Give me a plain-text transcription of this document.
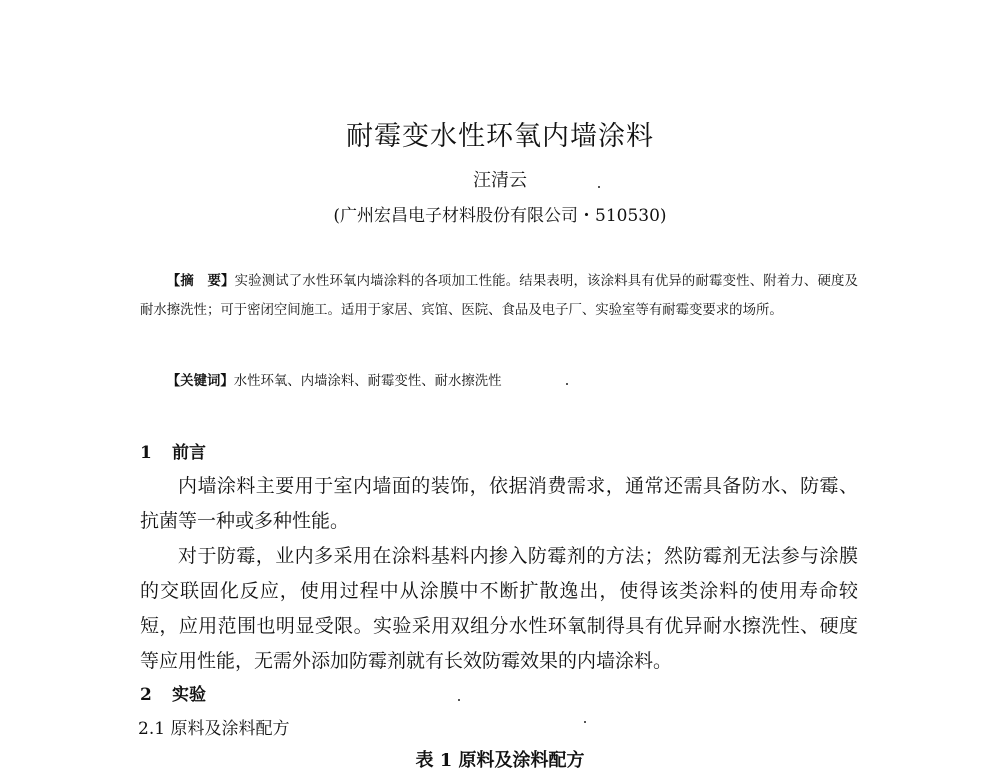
耐霉变水性环氧内墙涂料
汪清云
(广州宏昌电子材料股份有限公司・510530)
【摘　要】实验测试了水性环氧内墙涂料的各项加工性能。结果表明，该涂料具有优异的耐霉变性、附着力、硬度及耐水擦洗性；可于密闭空间施工。适用于家居、宾馆、医院、食品及电子厂、实验室等有耐霉变要求的场所。
【关键词】水性环氧、内墙涂料、耐霉变性、耐水擦洗性
1 前言
内墙涂料主要用于室内墙面的装饰，依据消费需求，通常还需具备防水、防霉、抗菌等一种或多种性能。
对于防霉，业内多采用在涂料基料内掺入防霉剂的方法；然防霉剂无法参与涂膜的交联固化反应，使用过程中从涂膜中不断扩散逸出，使得该类涂料的使用寿命较短，应用范围也明显受限。实验采用双组分水性环氧制得具有优异耐水擦洗性、硬度等应用性能，无需外添加防霉剂就有长效防霉效果的内墙涂料。
2 实验
2.1 原料及涂料配方
表 1 原料及涂料配方
